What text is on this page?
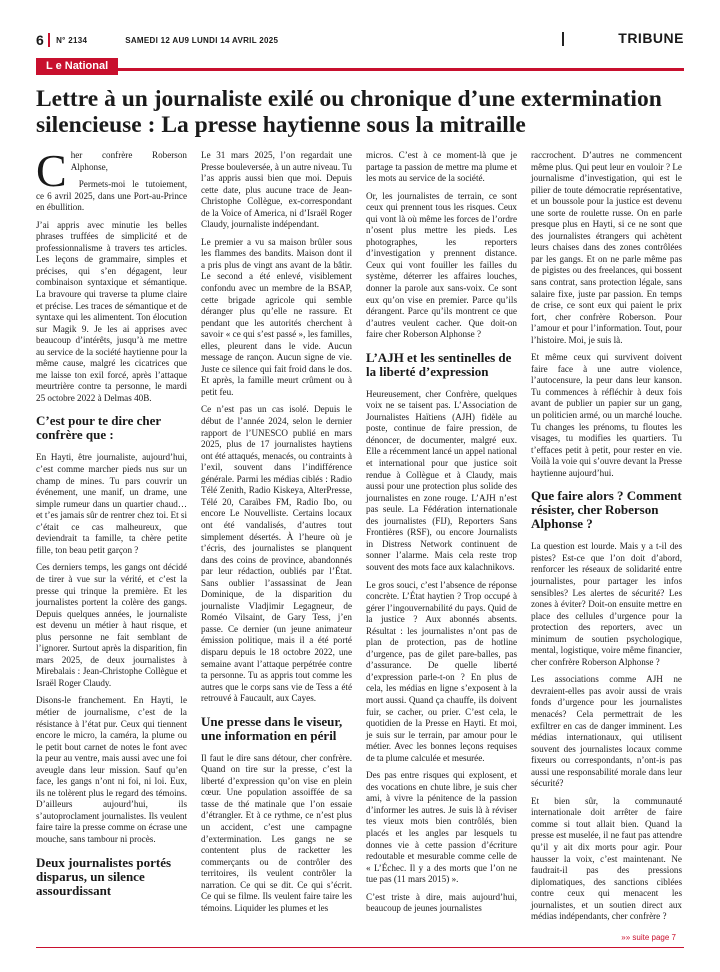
6 N° 2134	SAMEDI 12 AU9 LUNDI 14 AVRIL 2025	TRIBUNE
L e National
Lettre à un journaliste exilé ou chronique d’une extermination silencieuse : La presse haytienne sous la mitraille

Cher confrère Roberson Alphonse,

Permets-moi le tutoiement, ce 6 avril 2025, dans une Port-au-Prince en ébullition.

J’ai appris avec minutie les belles phrases truffées de simplicité et de professionnalisme à travers tes articles. Les leçons de grammaire, simples et précises, qui s’en dégagent, leur combinaison syntaxique et sémantique. La bravoure qui traverse ta plume claire et précise. Les traces de sémantique et de syntaxe qui les alimentent. Ton élocution sur Magik 9. Je les ai apprises avec beaucoup d’intérêts, jusqu’à me mettre au service de la société haytienne pour la même cause, malgré les cicatrices que me laisse ton exil forcé, après l’attaque meurtrière contre ta personne, le mardi 25 octobre 2022 à Delmas 40B.

C’est pour te dire cher confrère que :

En Hayti, être journaliste, aujourd’hui, c’est comme marcher pieds nus sur un champ de mines. Tu pars couvrir un événement, une manif, un drame, une simple rumeur dans un quartier chaud… et t’es jamais sûr de rentrer chez toi. Et si c’était ce cas malheureux, que deviendrait ta famille, ta chère petite fille, ton beau petit garçon ?

Ces derniers temps, les gangs ont décidé de tirer à vue sur la vérité, et c’est la presse qui trinque la première. Et les journalistes portent la colère des gangs. Depuis quelques années, le journaliste est devenu un métier à haut risque, et plus personne ne fait semblant de l’ignorer. Surtout après la disparition, fin mars 2025, de deux journalistes à Mirebalais : Jean-Christophe Collègue et Israël Roger Claudy.

Disons-le franchement. En Hayti, le métier de journalisme, c’est de la résistance à l’état pur. Ceux qui tiennent encore le micro, la caméra, la plume ou le petit bout carnet de notes le font avec la peur au ventre, mais aussi avec une foi aveugle dans leur mission. Sauf qu’en face, les gangs n’ont ni foi, ni loi. Eux, ils ne tolèrent plus le regard des témoins. D’ailleurs aujourd’hui, ils s’autoproclament journalistes. Ils veulent faire taire la presse comme on écrase une mouche, sans tambour ni procès.

Deux journalistes portés disparus, un silence assourdissant

Le 31 mars 2025, l’on regardait une Presse bouleversée, à un autre niveau. Tu l’as appris aussi bien que moi. Depuis cette date, plus aucune trace de Jean-Christophe Collègue, ex-correspondant de la Voice of America, ni d’Israël Roger Claudy, journaliste indépendant.

Le premier a vu sa maison brûler sous les flammes des bandits. Maison dont il a pris plus de vingt ans avant de la bâtir. Le second a été enlevé, visiblement confondu avec un membre de la BSAP, cette brigade agricole qui semble déranger plus qu’elle ne rassure. Et pendant que les autorités cherchent à savoir « ce qui s’est passé », les familles, elles, pleurent dans le vide. Aucun message de rançon. Aucun signe de vie. Juste ce silence qui fait froid dans le dos. Et après, la famille meurt crûment ou à petit feu.

Ce n’est pas un cas isolé. Depuis le début de l’année 2024, selon le dernier rapport de l’UNESCO publié en mars 2025, plus de 17 journalistes haytiens ont été attaqués, menacés, ou contraints à l’exil, souvent dans l’indifférence générale. Parmi les médias ciblés : Radio Télé Zenith, Radio Kiskeya, AlterPresse, Télé 20, Caraïbes FM, Radio Ibo, ou encore Le Nouvelliste. Certains locaux ont été vandalisés, d’autres tout simplement désertés. À l’heure où je t’écris, des journalistes se planquent dans des coins de province, abandonnés par leur rédaction, oubliés par l’État. Sans oublier l’assassinat de Jean Dominique, de la disparition du journaliste Vladjimir Legagneur, de Roméo Vilsaint, de Gary Tess, j’en passe. Ce dernier (un jeune animateur émission politique, mais il a été porté disparu depuis le 18 octobre 2022, une semaine avant l’attaque perpétrée contre ta personne. Tu as appris tout comme les autres que le corps sans vie de Tess a été retrouvé à Faucault, aux Cayes.

Une presse dans le viseur, une information en péril

Il faut le dire sans détour, cher confrère. Quand on tire sur la presse, c’est la liberté d’expression qu’on vise en plein cœur. Une population assoiffée de sa tasse de thé matinale que l’on essaie d’étrangler. Et à ce rythme, ce n’est plus un accident, c’est une campagne d’extermination. Les gangs ne se contentent plus de racketter les commerçants ou de contrôler des territoires, ils veulent contrôler la narration. Ce qui se dit. Ce qui s’écrit. Ce qui se filme. Ils veulent faire taire les témoins. Liquider les plumes et les

micros. C’est à ce moment-là que je partage ta passion de mettre ma plume et les mots au service de la société.

Or, les journalistes de terrain, ce sont ceux qui prennent tous les risques. Ceux qui vont là où même les forces de l’ordre n’osent plus mettre les pieds. Les photographes, les reporters d’investigation y prennent distance. Ceux qui vont fouiller les failles du système, déterrer les affaires louches, donner la parole aux sans-voix. Ce sont eux qu’on vise en premier. Parce qu’ils dérangent. Parce qu’ils montrent ce que d’autres veulent cacher. Que doit-on faire cher Roberson Alphonse ?

L’AJH et les sentinelles de la liberté d’expression

Heureusement, cher Confrère, quelques voix ne se taisent pas. L’Association de Journalistes Haïtiens (AJH) fidèle au poste, continue de faire pression, de dénoncer, de documenter, malgré eux. Elle a récemment lancé un appel national et international pour que justice soit rendue à Collègue et à Claudy, mais aussi pour une protection plus solide des journalistes en zone rouge. L’AJH n’est pas seule. La Fédération internationale des journalistes (FIJ), Reporters Sans Frontières (RSF), ou encore Journalists in Distress Network continuent de sonner l’alarme. Mais cela reste trop souvent des mots face aux kalachnikovs.

Le gros souci, c’est l’absence de réponse concrète. L’État haytien ? Trop occupé à gérer l’ingouvernabilité du pays. Quid de la justice ? Aux abonnés absents. Résultat : les journalistes n’ont pas de plan de protection, pas de hotline d’urgence, pas de gilet pare-balles, pas d’assurance. De quelle liberté d’expression parle-t-on ? En plus de cela, les médias en ligne s’exposent à la mort aussi. Quand ça chauffe, ils doivent fuir, se cacher, ou prier. C’est cela, le quotidien de la Presse en Hayti. Et moi, je suis sur le terrain, par amour pour le métier. Avec les bonnes leçons requises de ta plume calculée et mesurée.

Des pas entre risques qui explosent, et des vocations en chute libre, je suis cher ami, à vivre la pénitence de la passion d’informer les autres. Je suis là à réviser tes vieux mots bien contrôlés, bien placés et les angles par lesquels tu donnes vie à cette passion d’écriture redoutable et mesurable comme celle de « L’Échec. Il y a des morts que l’on ne tue pas (11 mars 2015) ».

C’est triste à dire, mais aujourd’hui, beaucoup de jeunes journalistes

raccrochent. D’autres ne commencent même plus. Qui peut leur en vouloir ? Le journalisme d’investigation, qui est le pilier de toute démocratie représentative, et un boussole pour la justice est devenu une sorte de roulette russe. On en parle presque plus en Hayti, si ce ne sont que des journalistes étrangers qui achètent leurs chaises dans des zones contrôlées par les gangs. Et on ne parle même pas de pigistes ou des freelances, qui bossent sans contrat, sans protection légale, sans salaire fixe, juste par passion. En temps de crise, ce sont eux qui paient le prix fort, cher confrère Roberson. Pour l’amour et pour l’information. Tout, pour l’histoire. Moi, je suis là.

Et même ceux qui survivent doivent faire face à une autre violence, l’autocensure, la peur dans leur kanson. Tu commences à réfléchir à deux fois avant de publier un papier sur un gang, un politicien armé, ou un marché louche. Tu changes les prénoms, tu floutes les visages, tu modifies les quartiers. Tu t’effaces petit à petit, pour rester en vie. Voilà la voie qui s’ouvre devant la Presse haytienne aujourd’hui.

Que faire alors ? Comment résister, cher Roberson Alphonse ?

La question est lourde. Mais y a t-il des pistes? Est-ce que l’on doit d’abord, renforcer les réseaux de solidarité entre journalistes, pour partager les infos sensibles? Les alertes de sécurité? Les zones à éviter? Doit-on ensuite mettre en place des cellules d’urgence pour la protection des reporters, avec un minimum de soutien psychologique, mental, logistique, voire même financier, cher confrère Roberson Alphonse ?

Les associations comme AJH ne devraient-elles pas avoir aussi de vrais fonds d’urgence pour les journalistes menacés? Cela permettrait de les exfiltrer en cas de danger imminent. Les médias internationaux, qui utilisent souvent des journalistes locaux comme fixeurs ou correspondants, n’ont-is pas aussi une responsabilité morale dans leur sécurité?

Et bien sûr, la communauté internationale doit arrêter de faire comme si tout allait bien. Quand la presse est muselée, il ne faut pas attendre qu’il y ait dix morts pour agir. Pour hausser la voix, c’est maintenant. Ne faudrait-il pas des pressions diplomatiques, des sanctions ciblées contre ceux qui menacent les journalistes, et un soutien direct aux médias indépendants, cher confrère ?

»» suite page 7
